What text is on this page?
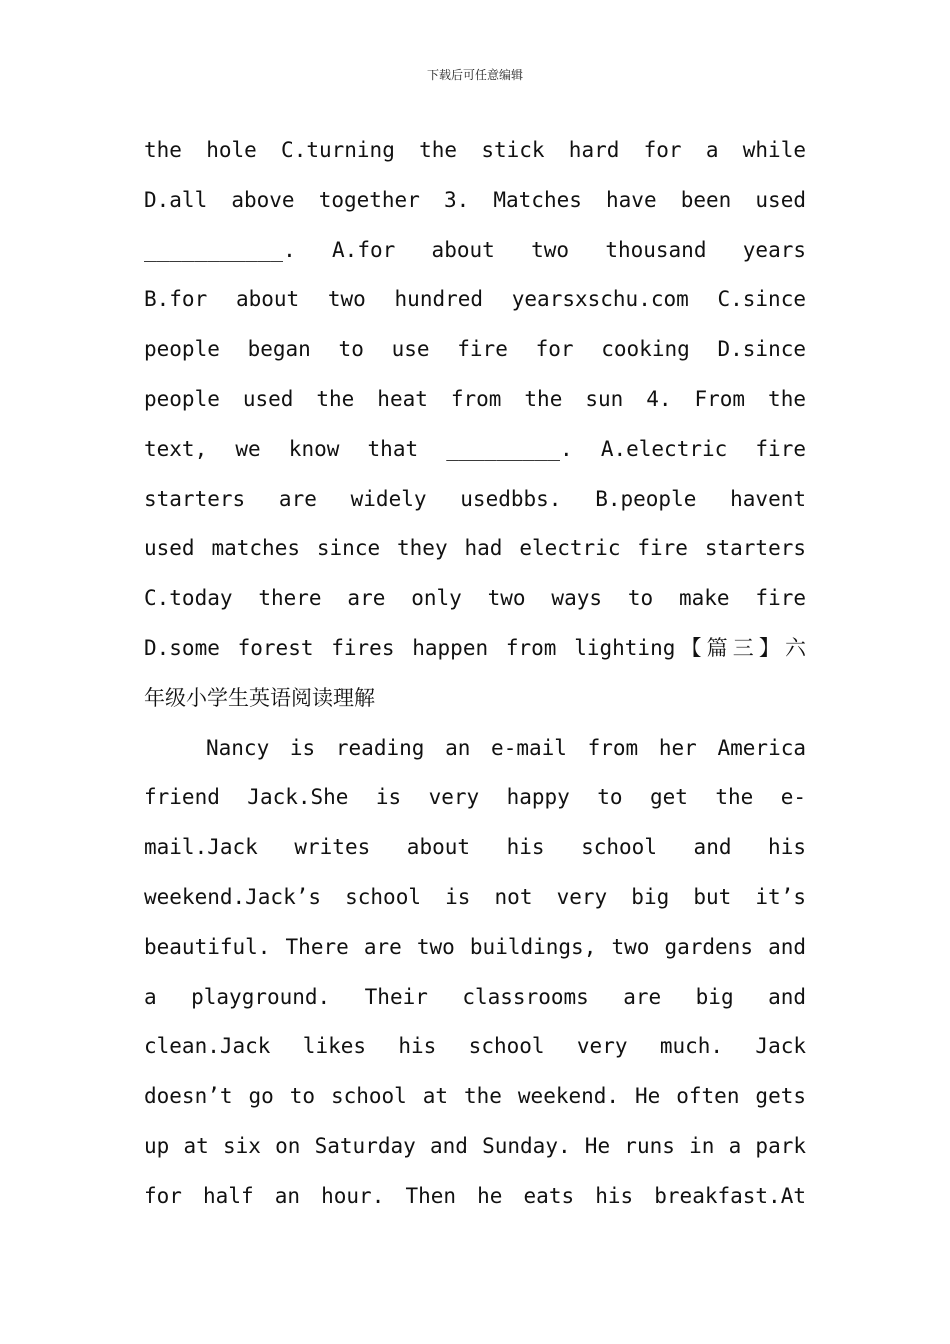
下载后可任意编辑
the hole C.turning the stick hard for a while
D.all above together 3. Matches have been used
___________. A.for about two thousand years
B.for about two hundred yearsxschu.com C.since
people began to use fire for cooking D.since
people used the heat from the sun 4. From the
text, we know that _________. A.electric fire
starters are widely usedbbs. B.people havent
used matches since they had electric fire starters
C.today there are only two ways to make fire
D.some forest fires happen from lighting【篇三】六
年级小学生英语阅读理解
Nancy is reading an e-mail from her America
friend Jack.She is very happy to get the e-
mail.Jack writes about his school and his
weekend.Jack’s school is not very big but it’s
beautiful. There are two buildings, two gardens and
a playground. Their classrooms are big and
clean.Jack likes his school very much. Jack
doesn’t go to school at the weekend. He often gets
up at six on Saturday and Sunday. He runs in a park
for half an hour. Then he eats his breakfast.At
